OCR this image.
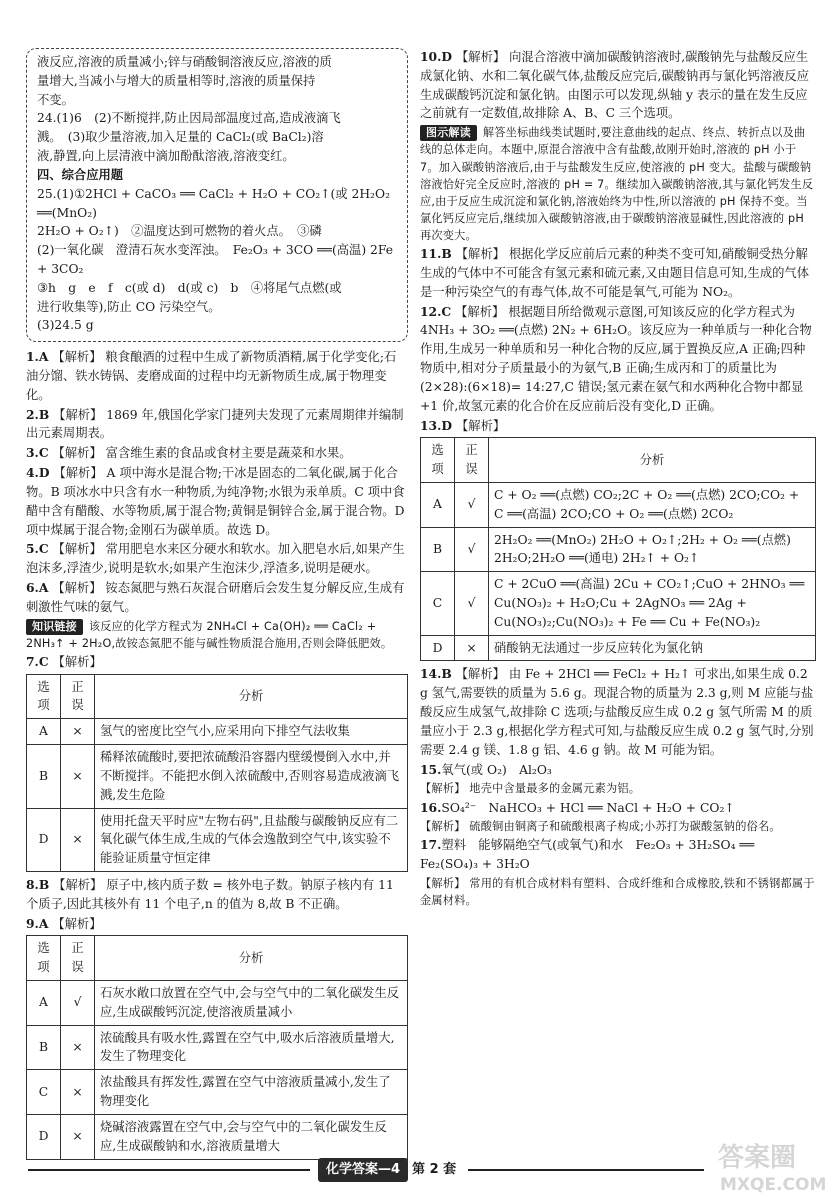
液反应,溶液的质量减小;锌与硝酸铜溶液反应,溶液的质
量增大,当减小与增大的质量相等时,溶液的质量保持
不变。
24.(1)6　(2)不断搅拌,防止因局部温度过高,造成液滴飞
溅。　(3)取少量溶液,加入足量的 CaCl₂(或 BaCl₂)溶
液,静置,向上层清液中滴加酚酞溶液,溶液变红。
四、综合应用题
25.(1)①2HCl + CaCO₃ ══ CaCl₂ + H₂O + CO₂↑(或 2H₂O₂ ══(MnO₂)
2H₂O + O₂↑)　②温度达到可燃物的着火点。　③磷
(2)一氧化碳　澄清石灰水变浑浊。　Fe₂O₃ + 3CO ══(高温) 2Fe + 3CO₂
③h　g　e　f　c(或 d)　d(或 c)　b　④将尾气点燃(或
进行收集等),防止 CO 污染空气。
(3)24.5 g
1.A 【解析】 粮食酿酒的过程中生成了新物质酒精,属于化学变化;石油分馏、铁水铸锅、麦磨成面的过程中均无新物质生成,属于物理变化。
2.B 【解析】 1869 年,俄国化学家门捷列夫发现了元素周期律并编制出元素周期表。
3.C 【解析】 富含维生素的食品或食材主要是蔬菜和水果。
4.D 【解析】 A 项中海水是混合物;干冰是固态的二氧化碳,属于化合物。B 项冰水中只含有水一种物质,为纯净物;水银为汞单质。C 项中食醋中含有醋酸、水等物质,属于混合物;黄铜是铜锌合金,属于混合物。D 项中煤属于混合物;金刚石为碳单质。故选 D。
5.C 【解析】 常用肥皂水来区分硬水和软水。加入肥皂水后,如果产生泡沫多,浮渣少,说明是软水;如果产生泡沫少,浮渣多,说明是硬水。
6.A 【解析】 铵态氮肥与熟石灰混合研磨后会发生复分解反应,生成有刺激性气味的氨气。
知识链接 该反应的化学方程式为 2NH₄Cl + Ca(OH)₂ ══ CaCl₂ + 2NH₃↑ + 2H₂O,故铵态氮肥不能与碱性物质混合施用,否则会降低肥效。
7.C 【解析】
选项	正误	分析
A	×	氢气的密度比空气小,应采用向下排空气法收集
B	×	稀释浓硫酸时,要把浓硫酸沿容器内壁缓慢倒入水中,并不断搅拌。不能把水倒入浓硫酸中,否则容易造成液滴飞溅,发生危险
D	×	使用托盘天平时应"左物右码",且盐酸与碳酸钠反应有二氧化碳气体生成,生成的气体会逸散到空气中,该实验不能验证质量守恒定律
8.B 【解析】 原子中,核内质子数 = 核外电子数。钠原子核内有 11 个质子,因此其核外有 11 个电子,n 的值为 8,故 B 不正确。
9.A 【解析】
选项	正误	分析
A	√	石灰水敞口放置在空气中,会与空气中的二氧化碳发生反应,生成碳酸钙沉淀,使溶液质量减小
B	×	浓硫酸具有吸水性,露置在空气中,吸水后溶液质量增大,发生了物理变化
C	×	浓盐酸具有挥发性,露置在空气中溶液质量减小,发生了物理变化
D	×	烧碱溶液露置在空气中,会与空气中的二氧化碳发生反应,生成碳酸钠和水,溶液质量增大
10.D 【解析】 向混合溶液中滴加碳酸钠溶液时,碳酸钠先与盐酸反应生成氯化钠、水和二氧化碳气体,盐酸反应完后,碳酸钠再与氯化钙溶液反应生成碳酸钙沉淀和氯化钠。由图示可以发现,纵轴 y 表示的量在发生反应之前就有一定数值,故排除 A、B、C 三个选项。
图示解读 解答坐标曲线类试题时,要注意曲线的起点、终点、转折点以及曲线的总体走向。本题中,原混合溶液中含有盐酸,故刚开始时,溶液的 pH 小于 7。加入碳酸钠溶液后,由于与盐酸发生反应,使溶液的 pH 变大。盐酸与碳酸钠溶液恰好完全反应时,溶液的 pH = 7。继续加入碳酸钠溶液,其与氯化钙发生反应,由于反应生成沉淀和氯化钠,溶液始终为中性,所以溶液的 pH 保持不变。当氯化钙反应完后,继续加入碳酸钠溶液,由于碳酸钠溶液显碱性,因此溶液的 pH 再次变大。
11.B 【解析】 根据化学反应前后元素的种类不变可知,硝酸铜受热分解生成的气体中不可能含有氢元素和硫元素,又由题目信息可知,生成的气体是一种污染空气的有毒气体,故不可能是氧气,可能为 NO₂。
12.C 【解析】 根据题目所给微观示意图,可知该反应的化学方程式为 4NH₃ + 3O₂ ══(点燃) 2N₂ + 6H₂O。该反应为一种单质与一种化合物作用,生成另一种单质和另一种化合物的反应,属于置换反应,A 正确;四种物质中,相对分子质量最小的为氨气,B 正确;生成丙和丁的质量比为(2×28):(6×18)= 14:27,C 错误;氢元素在氨气和水两种化合物中都显 +1 价,故氢元素的化合价在反应前后没有变化,D 正确。
13.D 【解析】
选项	正误	分析
A	√	C + O₂ ══(点燃) CO₂;2C + O₂ ══(点燃) 2CO;CO₂ + C ══(高温) 2CO;CO + O₂ ══(点燃) 2CO₂
B	√	2H₂O₂ ══(MnO₂) 2H₂O + O₂↑;2H₂ + O₂ ══(点燃) 2H₂O;2H₂O ══(通电) 2H₂↑ + O₂↑
C	√	C + 2CuO ══(高温) 2Cu + CO₂↑;CuO + 2HNO₃ ══ Cu(NO₃)₂ + H₂O;Cu + 2AgNO₃ ══ 2Ag + Cu(NO₃)₂;Cu(NO₃)₂ + Fe ══ Cu + Fe(NO₃)₂
D	×	硝酸钠无法通过一步反应转化为氯化钠
14.B 【解析】 由 Fe + 2HCl ══ FeCl₂ + H₂↑ 可求出,如果生成 0.2 g 氢气,需要铁的质量为 5.6 g。现混合物的质量为 2.3 g,则 M 应能与盐酸反应生成氢气,故排除 C 选项;与盐酸反应生成 0.2 g 氢气所需 M 的质量应小于 2.3 g,根据化学方程式可知,与盐酸反应生成 0.2 g 氢气时,分别需要 2.4 g 镁、1.8 g 铝、4.6 g 钠。故 M 可能为铝。
15.氧气(或 O₂)　Al₂O₃
【解析】 地壳中含量最多的金属元素为铝。
16.SO₄²⁻　NaHCO₃ + HCl ══ NaCl + H₂O + CO₂↑
【解析】 硫酸铜由铜离子和硫酸根离子构成;小苏打为碳酸氢钠的俗名。
17.塑料　能够隔绝空气(或氧气)和水　Fe₂O₃ + 3H₂SO₄ ══ Fe₂(SO₄)₃ + 3H₂O
【解析】 常用的有机合成材料有塑料、合成纤维和合成橡胶,铁和不锈钢都属于金属材料。
化学答案—4 第 2 套	答案圈
MXQE.COM
